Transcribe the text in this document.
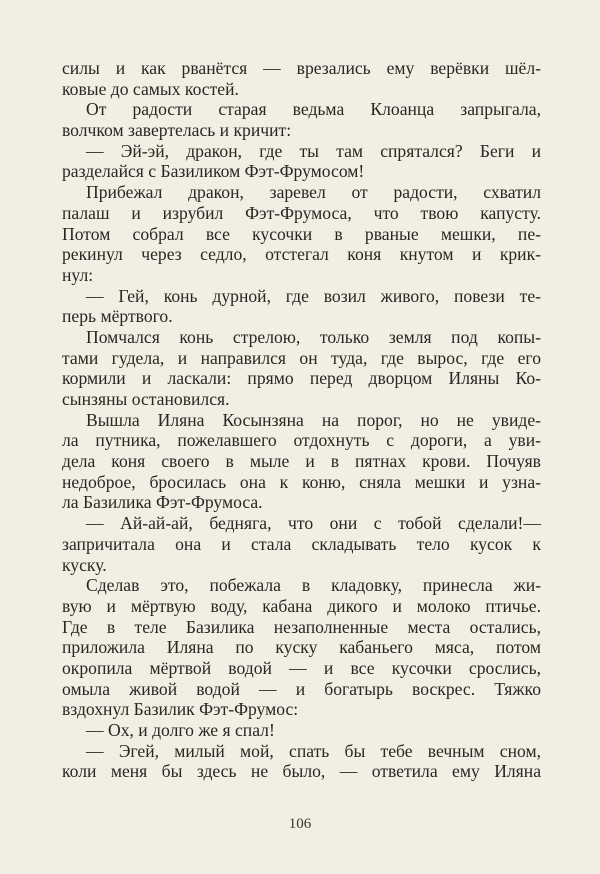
силы и как рванётся — врезались ему верёвки шёл-
ковые до самых костей.
От радости старая ведьма Клоанца запрыгала,
волчком завертелась и кричит:
— Эй-эй, дракон, где ты там спрятался? Беги и
разделайся с Базиликом Фэт-Фрумосом!
Прибежал дракон, заревел от радости, схватил
палаш и изрубил Фэт-Фрумоса, что твою капусту.
Потом собрал все кусочки в рваные мешки, пе-
рекинул через седло, отстегал коня кнутом и крик-
нул:
— Гей, конь дурной, где возил живого, повези те-
перь мёртвого.
Помчался конь стрелою, только земля под копы-
тами гудела, и направился он туда, где вырос, где его
кормили и ласкали: прямо перед дворцом Иляны Ко-
сынзяны остановился.
Вышла Иляна Косынзяна на порог, но не увиде-
ла путника, пожелавшего отдохнуть с дороги, а уви-
дела коня своего в мыле и в пятнах крови. Почуяв
недоброе, бросилась она к коню, сняла мешки и узна-
ла Базилика Фэт-Фрумоса.
— Ай-ай-ай, бедняга, что они с тобой сделали!—
запричитала она и стала складывать тело кусок к
куску.
Сделав это, побежала в кладовку, принесла жи-
вую и мёртвую воду, кабана дикого и молоко птичье.
Где в теле Базилика незаполненные места остались,
приложила Иляна по куску кабаньего мяса, потом
окропила мёртвой водой — и все кусочки срослись,
омыла живой водой — и богатырь воскрес. Тяжко
вздохнул Базилик Фэт-Фрумос:
— Ох, и долго же я спал!
— Эгей, милый мой, спать бы тебе вечным сном,
коли меня бы здесь не было, — ответила ему Иляна
106
